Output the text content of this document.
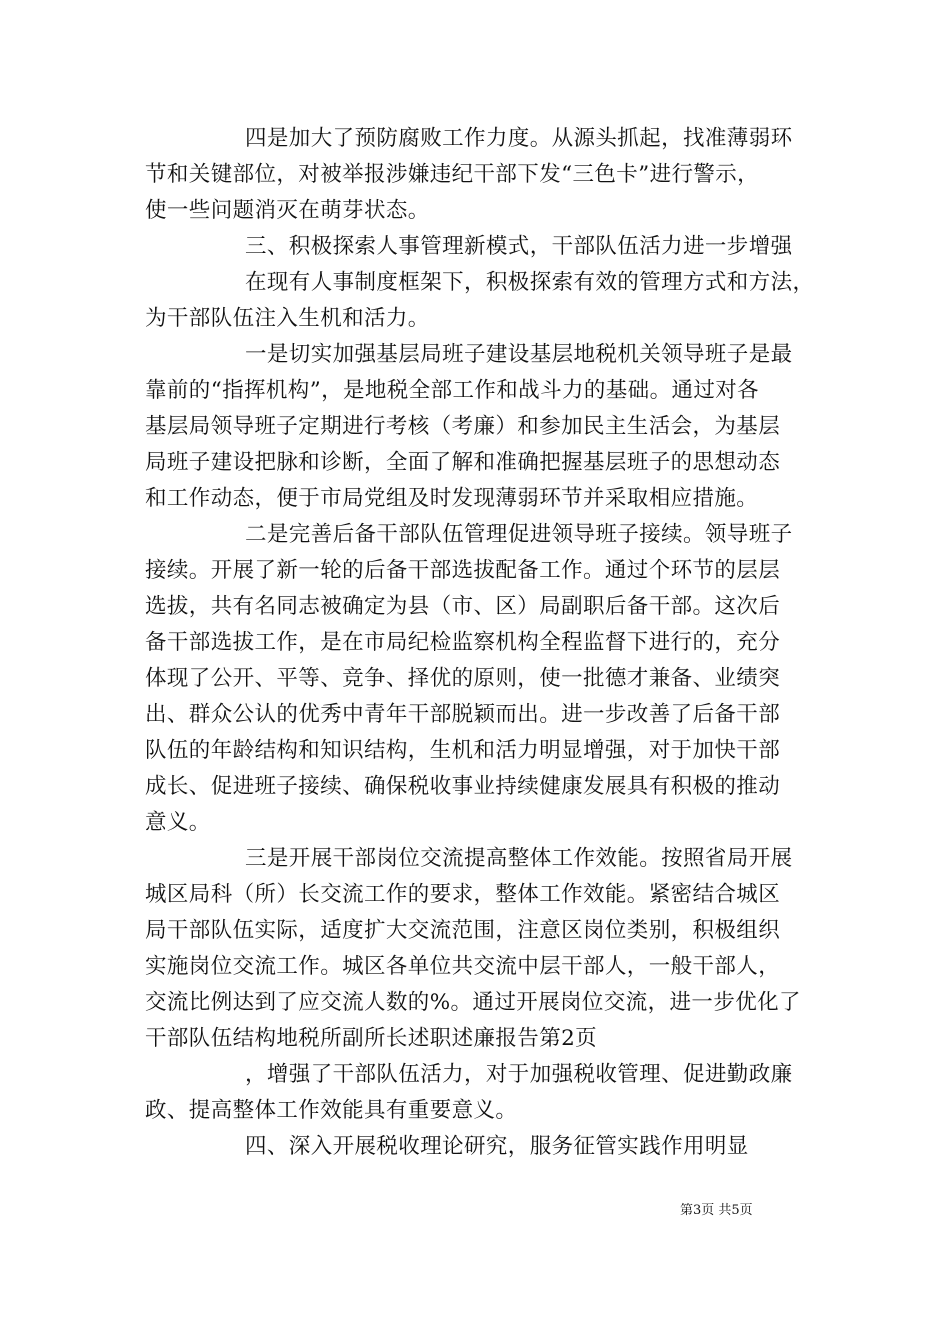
四是加大了预防腐败工作力度。从源头抓起，找准薄弱环
节和关键部位，对被举报涉嫌违纪干部下发“三色卡”进行警示，
使一些问题消灭在萌芽状态。
三、积极探索人事管理新模式，干部队伍活力进一步增强
在现有人事制度框架下，积极探索有效的管理方式和方法，
为干部队伍注入生机和活力。
一是切实加强基层局班子建设基层地税机关领导班子是最
靠前的“指挥机构”，是地税全部工作和战斗力的基础。通过对各
基层局领导班子定期进行考核（考廉）和参加民主生活会，为基层
局班子建设把脉和诊断，全面了解和准确把握基层班子的思想动态
和工作动态，便于市局党组及时发现薄弱环节并采取相应措施。
二是完善后备干部队伍管理促进领导班子接续。领导班子
接续。开展了新一轮的后备干部选拔配备工作。通过个环节的层层
选拔，共有名同志被确定为县（市、区）局副职后备干部。这次后
备干部选拔工作，是在市局纪检监察机构全程监督下进行的，充分
体现了公开、平等、竞争、择优的原则，使一批德才兼备、业绩突
出、群众公认的优秀中青年干部脱颖而出。进一步改善了后备干部
队伍的年龄结构和知识结构，生机和活力明显增强，对于加快干部
成长、促进班子接续、确保税收事业持续健康发展具有积极的推动
意义。
三是开展干部岗位交流提高整体工作效能。按照省局开展
城区局科（所）长交流工作的要求，整体工作效能。紧密结合城区
局干部队伍实际，适度扩大交流范围，注意区岗位类别，积极组织
实施岗位交流工作。城区各单位共交流中层干部人，一般干部人，
交流比例达到了应交流人数的%。通过开展岗位交流，进一步优化了
干部队伍结构地税所副所长述职述廉报告第2页
，增强了干部队伍活力，对于加强税收管理、促进勤政廉
政、提高整体工作效能具有重要意义。
四、深入开展税收理论研究，服务征管实践作用明显
第3页 共5页
